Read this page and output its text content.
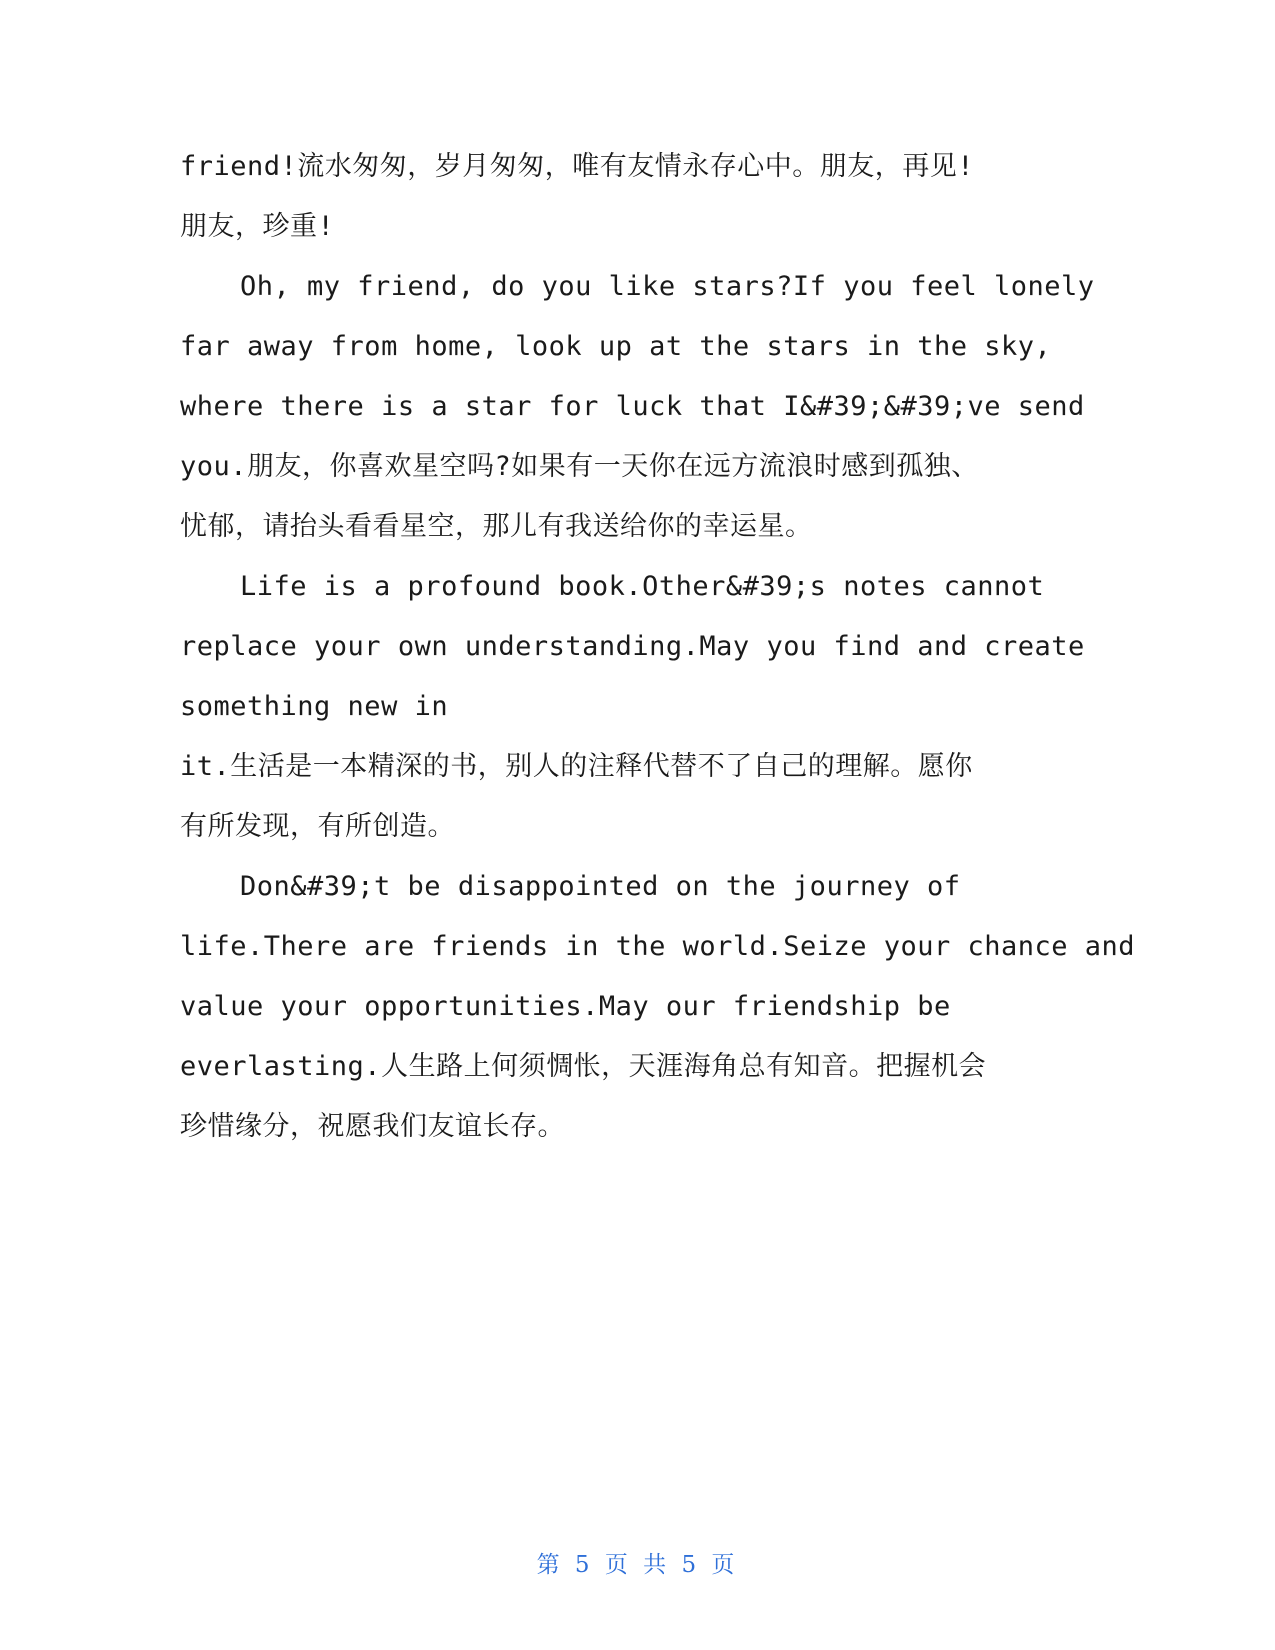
friend!流水匆匆，岁月匆匆，唯有友情永存心中。朋友，再见!
朋友，珍重!
Oh, my friend, do you like stars?If you feel lonely
far away from home, look up at the stars in the sky,
where there is a star for luck that I&#39;&#39;ve send
you.朋友，你喜欢星空吗?如果有一天你在远方流浪时感到孤独、
忧郁，请抬头看看星空，那儿有我送给你的幸运星。
Life is a profound book.Other&#39;s notes cannot
replace your own understanding.May you find and create
something new in
it.生活是一本精深的书，别人的注释代替不了自己的理解。愿你
有所发现，有所创造。
Don&#39;t be disappointed on the journey of
life.There are friends in the world.Seize your chance and
value your opportunities.May our friendship be
everlasting.人生路上何须惆怅，天涯海角总有知音。把握机会
珍惜缘分，祝愿我们友谊长存。
第 5 页 共 5 页
